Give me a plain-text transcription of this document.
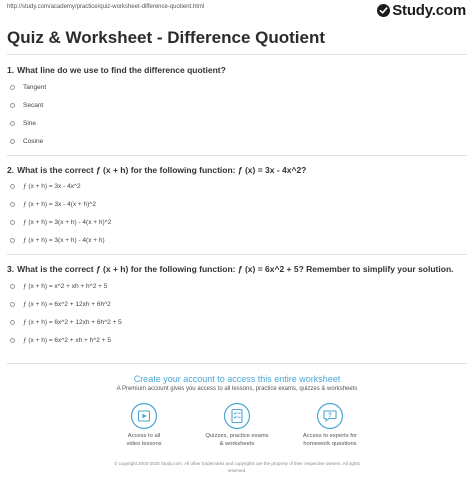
http://study.com/academy/practice/quiz-worksheet-difference-quotient.html	Study.com
Quiz & Worksheet - Difference Quotient
1. What line do we use to find the difference quotient?
Tangent
Secant
Sine
Cosine
2. What is the correct ƒ (x + h) for the following function: ƒ (x) = 3x - 4x^2?
ƒ (x + h) = 3x - 4x^2
ƒ (x + h) = 3x - 4(x + h)^2
ƒ (x + h) = 3(x + h) - 4(x + h)^2
ƒ (x + h) = 3(x + h) - 4(x + h)
3. What is the correct ƒ (x + h) for the following function: ƒ (x) = 6x^2 + 5? Remember to simplify your solution.
ƒ (x + h) = x^2 + xh + h^2 + 5
ƒ (x + h) = 6x^2 + 12xh + 6h^2
ƒ (x + h) = 6x^2 + 12xh + 6h^2 + 5
ƒ (x + h) = 6x^2 + xh + h^2 + 5
Create your account to access this entire worksheet
A Premium account gives you access to all lessons, practice exams, quizzes & worksheets
Access to all
video lessons
Quizzes, practice exams
& worksheets
?
Access to experts for
homework questions
© copyright 2003-2020 Study.com. All other trademarks and copyrights are the property of their respective owners. All rights
reserved.
